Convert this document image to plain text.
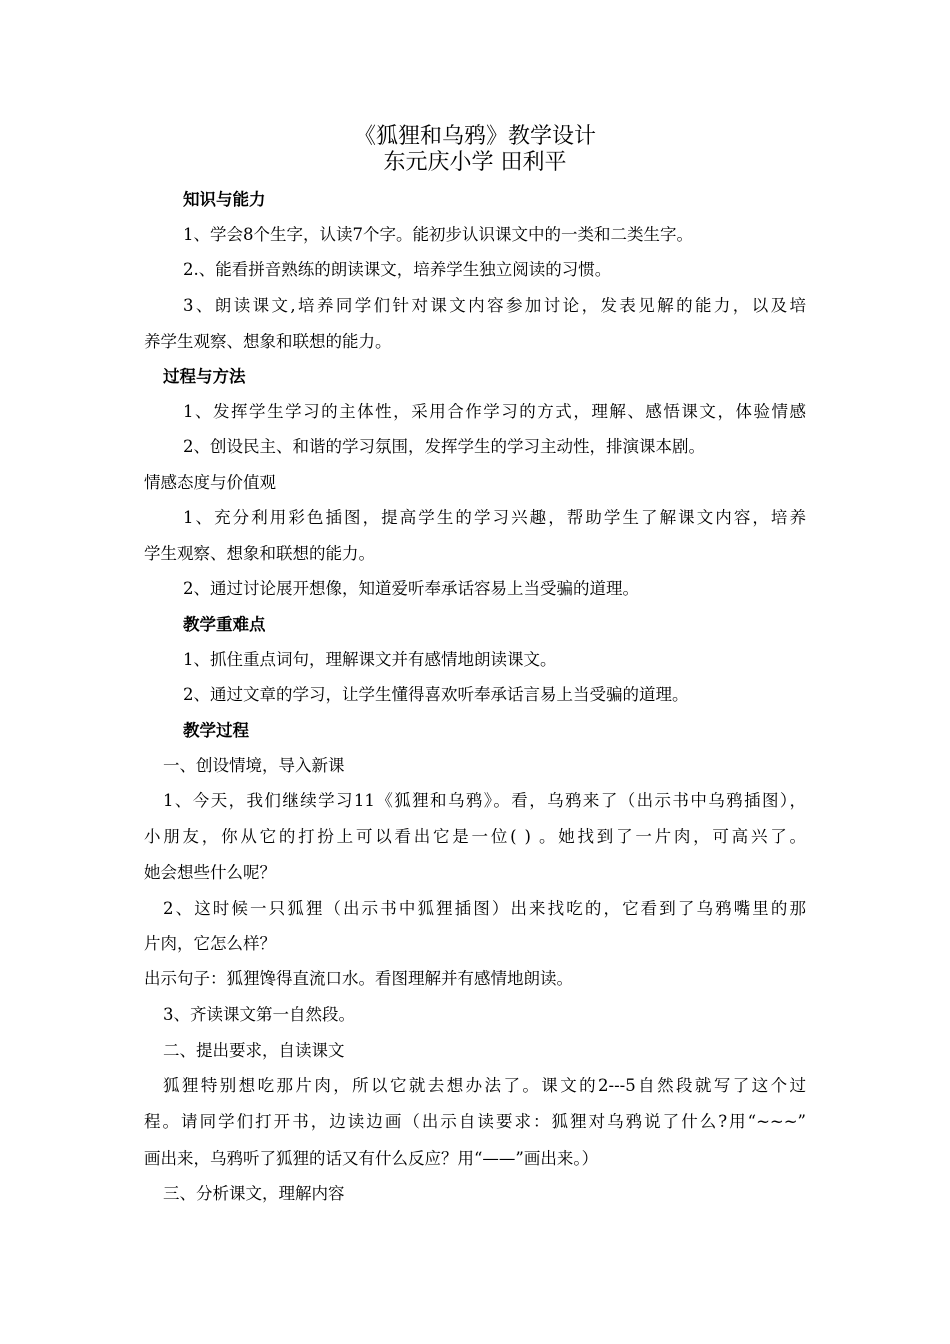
《狐狸和乌鸦》教学设计
东元庆小学 田利平
知识与能力
1、学会8个生字，认读7个字。能初步认识课文中的一类和二类生字。
2.、能看拼音熟练的朗读课文，培养学生独立阅读的习惯。
3、朗读课文,培养同学们针对课文内容参加讨论，发表见解的能力，以及培
养学生观察、想象和联想的能力。
过程与方法
1、发挥学生学习的主体性，采用合作学习的方式，理解、感悟课文，体验情感
2、创设民主、和谐的学习氛围，发挥学生的学习主动性，排演课本剧。
情感态度与价值观
1、充分利用彩色插图，提高学生的学习兴趣，帮助学生了解课文内容，培养
学生观察、想象和联想的能力。
2、通过讨论展开想像，知道爱听奉承话容易上当受骗的道理。
教学重难点
1、抓住重点词句，理解课文并有感情地朗读课文。
2、通过文章的学习，让学生懂得喜欢听奉承话言易上当受骗的道理。
教学过程
一、创设情境，导入新课
1、今天，我们继续学习11《狐狸和乌鸦》。看，乌鸦来了（出示书中乌鸦插图），
小朋友，你从它的打扮上可以看出它是一位( ) 。她找到了一片肉，可高兴了。
她会想些什么呢？
2、这时候一只狐狸（出示书中狐狸插图）出来找吃的，它看到了乌鸦嘴里的那
片肉，它怎么样？
出示句子：狐狸馋得直流口水。看图理解并有感情地朗读。
3、齐读课文第一自然段。
二、提出要求，自读课文
狐狸特别想吃那片肉，所以它就去想办法了。课文的2---5自然段就写了这个过
程。请同学们打开书，边读边画（出示自读要求：狐狸对乌鸦说了什么?用“~~~”
画出来，乌鸦听了狐狸的话又有什么反应？用“——”画出来。）
三、分析课文，理解内容
